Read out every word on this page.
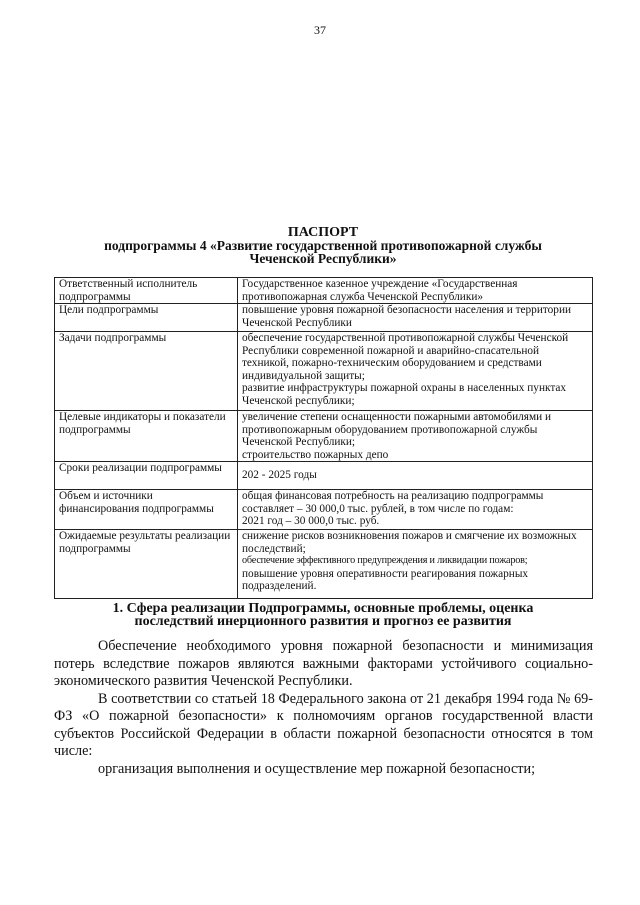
37
ПАСПОРТ
подпрограммы 4 «Развитие государственной противопожарной службы
Чеченской Республики»
Ответственный исполнитель подпрограммы	Государственное казенное учреждение «Государственная противопожарная служба Чеченской Республики»

Цели подпрограммы	повышение уровня пожарной безопасности населения и территории Чеченской Республики

Задачи подпрограммы	обеспечение государственной противопожарной службы Чеченской Республики современной пожарной и аварийно-спасательной техникой, пожарно-техническим оборудованием и средствами индивидуальной защиты;
развитие инфраструктуры пожарной охраны в населенных пунктах Чеченской республики;

Целевые индикаторы и показатели подпрограммы	увеличение степени оснащенности пожарными автомобилями и противопожарным оборудованием противопожарной службы Чеченской Республики;
строительство пожарных депо

Сроки реализации подпрограммы	202 - 2025 годы

Объем и источники финансирования подпрограммы	общая финансовая потребность на реализацию подпрограммы составляет – 30 000,0 тыс. рублей, в том числе по годам:
2021 год – 30 000,0 тыс. руб.

Ожидаемые результаты реализации подпрограммы	снижение рисков возникновения пожаров и смягчение их возможных последствий;
обеспечение эффективного предупреждения и ликвидации пожаров;
повышение уровня оперативности реагирования пожарных подразделений.
1. Сфера реализации Подпрограммы, основные проблемы, оценка
последствий инерционного развития и прогноз ее развития

Обеспечение необходимого уровня пожарной безопасности и минимизация потерь вследствие пожаров являются важными факторами устойчивого социально-экономического развития Чеченской Республики.

В соответствии со статьей 18 Федерального закона от 21 декабря 1994 года № 69-ФЗ «О пожарной безопасности» к полномочиям органов государственной власти субъектов Российской Федерации в области пожарной безопасности относятся в том числе:

организация выполнения и осуществление мер пожарной безопасности;
